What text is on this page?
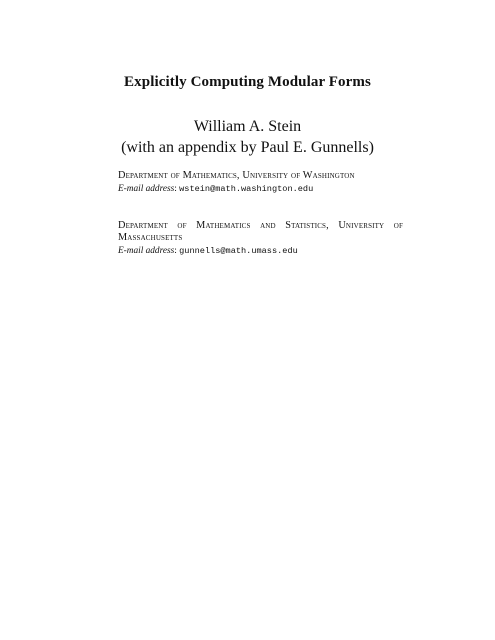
Explicitly Computing Modular Forms
William A. Stein
(with an appendix by Paul E. Gunnells)
Department of Mathematics, University of Washington
E-mail address: wstein@math.washington.edu
Department of Mathematics and Statistics, University of Massachusetts
E-mail address: gunnells@math.umass.edu
